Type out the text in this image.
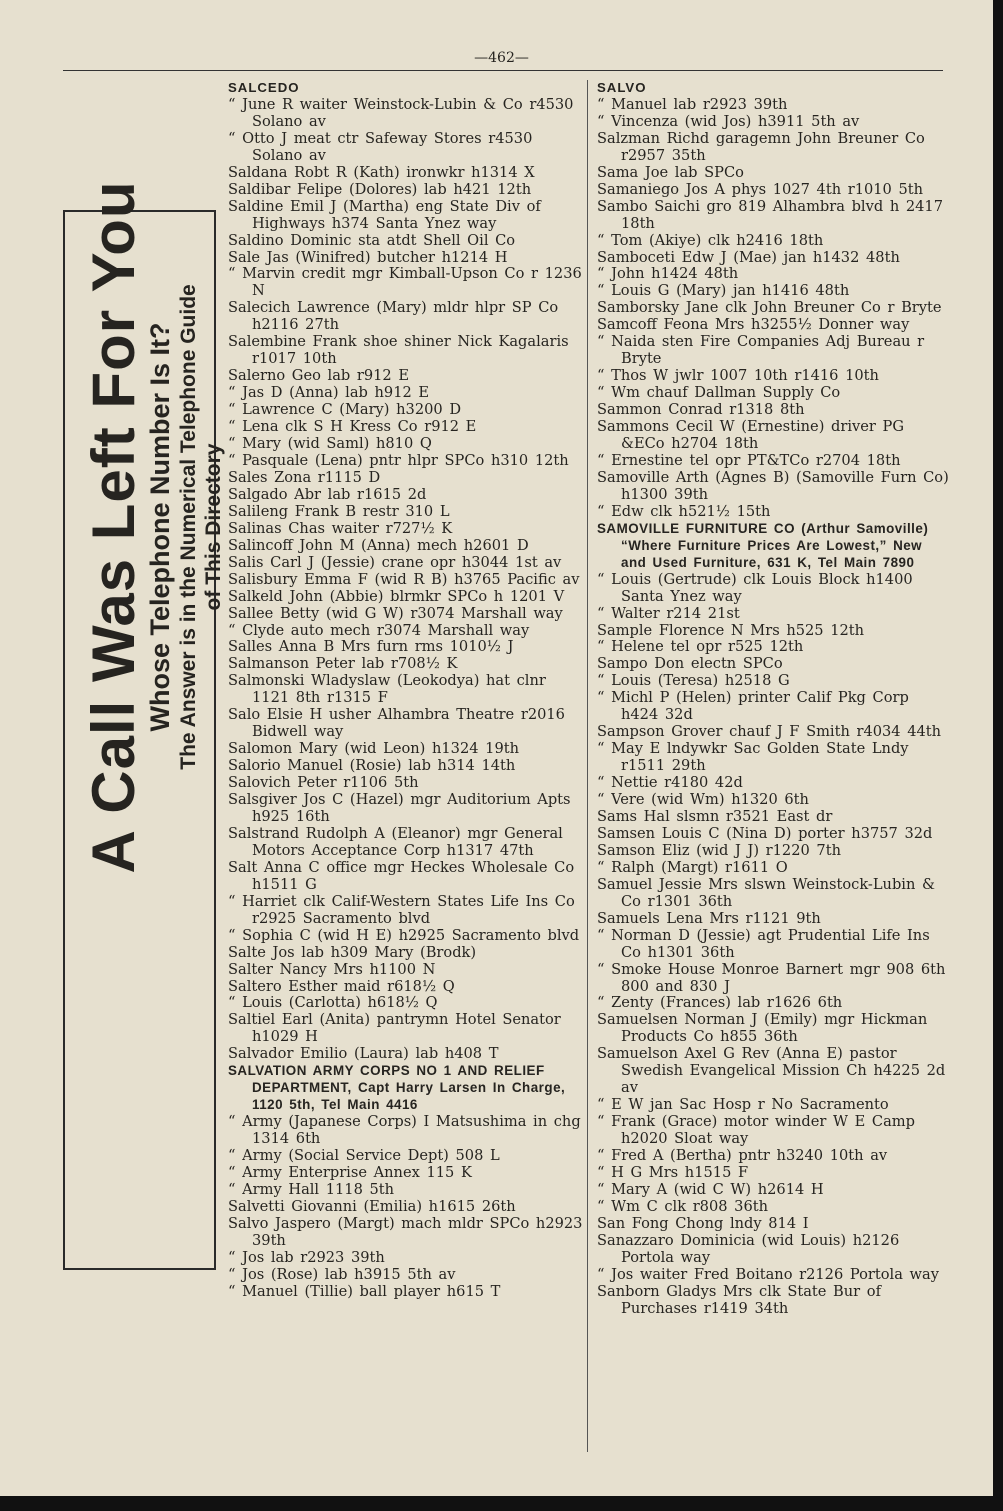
—462—
A Call Was Left For You
Whose Telephone Number Is It? The Answer is in the Numerical Telephone Guide of This Directory

SALCEDO

“ June R waiter Weinstock-Lubin & Co r4530 Solano av

“ Otto J meat ctr Safeway Stores r4530 Solano av

Saldana Robt R (Kath) ironwkr h1314 X

Saldibar Felipe (Dolores) lab h421 12th

Saldine Emil J (Martha) eng State Div of Highways h374 Santa Ynez way

Saldino Dominic sta atdt Shell Oil Co

Sale Jas (Winifred) butcher h1214 H

“ Marvin credit mgr Kimball-Upson Co r 1236 N

Salecich Lawrence (Mary) mldr hlpr SP Co h2116 27th

Salembine Frank shoe shiner Nick Kagalaris r1017 10th

Salerno Geo lab r912 E

“ Jas D (Anna) lab h912 E

“ Lawrence C (Mary) h3200 D

“ Lena clk S H Kress Co r912 E

“ Mary (wid Saml) h810 Q

“ Pasquale (Lena) pntr hlpr SPCo h310 12th

Sales Zona r1115 D

Salgado Abr lab r1615 2d

Salileng Frank B restr 310 L

Salinas Chas waiter r727½ K

Salincoff John M (Anna) mech h2601 D

Salis Carl J (Jessie) crane opr h3044 1st av

Salisbury Emma F (wid R B) h3765 Pacific av

Salkeld John (Abbie) blrmkr SPCo h 1201 V

Sallee Betty (wid G W) r3074 Marshall way

“ Clyde auto mech r3074 Marshall way

Salles Anna B Mrs furn rms 1010½ J

Salmanson Peter lab r708½ K

Salmonski Wladyslaw (Leokodya) hat clnr 1121 8th r1315 F

Salo Elsie H usher Alhambra Theatre r2016 Bidwell way

Salomon Mary (wid Leon) h1324 19th

Salorio Manuel (Rosie) lab h314 14th

Salovich Peter r1106 5th

Salsgiver Jos C (Hazel) mgr Auditorium Apts h925 16th

Salstrand Rudolph A (Eleanor) mgr General Motors Acceptance Corp h1317 47th

Salt Anna C office mgr Heckes Wholesale Co h1511 G

“ Harriet clk Calif-Western States Life Ins Co r2925 Sacramento blvd

“ Sophia C (wid H E) h2925 Sacramento blvd

Salte Jos lab h309 Mary (Brodk)

Salter Nancy Mrs h1100 N

Saltero Esther maid r618½ Q

“ Louis (Carlotta) h618½ Q

Saltiel Earl (Anita) pantrymn Hotel Senator h1029 H

Salvador Emilio (Laura) lab h408 T

SALVATION ARMY CORPS NO 1 AND RELIEF DEPARTMENT, Capt Harry Larsen In Charge, 1120 5th, Tel Main 4416

“ Army (Japanese Corps) I Matsushima in chg 1314 6th

“ Army (Social Service Dept) 508 L

“ Army Enterprise Annex 115 K

“ Army Hall 1118 5th

Salvetti Giovanni (Emilia) h1615 26th

Salvo Jaspero (Margt) mach mldr SPCo h2923 39th

“ Jos lab r2923 39th

“ Jos (Rose) lab h3915 5th av

“ Manuel (Tillie) ball player h615 T

SALVO

“ Manuel lab r2923 39th

“ Vincenza (wid Jos) h3911 5th av

Salzman Richd garagemn John Breuner Co r2957 35th

Sama Joe lab SPCo

Samaniego Jos A phys 1027 4th r1010 5th

Sambo Saichi gro 819 Alhambra blvd h 2417 18th

“ Tom (Akiye) clk h2416 18th

Samboceti Edw J (Mae) jan h1432 48th

“ John h1424 48th

“ Louis G (Mary) jan h1416 48th

Samborsky Jane clk John Breuner Co r Bryte

Samcoff Feona Mrs h3255½ Donner way

“ Naida sten Fire Companies Adj Bureau r Bryte

“ Thos W jwlr 1007 10th r1416 10th

“ Wm chauf Dallman Supply Co

Sammon Conrad r1318 8th

Sammons Cecil W (Ernestine) driver PG &ECo h2704 18th

“ Ernestine tel opr PT&TCo r2704 18th

Samoville Arth (Agnes B) (Samoville Furn Co) h1300 39th

“ Edw clk h521½ 15th

SAMOVILLE FURNITURE CO (Arthur Samoville) “Where Furniture Prices Are Lowest,” New and Used Furniture, 631 K, Tel Main 7890

“ Louis (Gertrude) clk Louis Block h1400 Santa Ynez way

“ Walter r214 21st

Sample Florence N Mrs h525 12th

“ Helene tel opr r525 12th

Sampo Don electn SPCo

“ Louis (Teresa) h2518 G

“ Michl P (Helen) printer Calif Pkg Corp h424 32d

Sampson Grover chauf J F Smith r4034 44th

“ May E lndywkr Sac Golden State Lndy r1511 29th

“ Nettie r4180 42d

“ Vere (wid Wm) h1320 6th

Sams Hal slsmn r3521 East dr

Samsen Louis C (Nina D) porter h3757 32d

Samson Eliz (wid J J) r1220 7th

“ Ralph (Margt) r1611 O

Samuel Jessie Mrs slswn Weinstock-Lubin & Co r1301 36th

Samuels Lena Mrs r1121 9th

“ Norman D (Jessie) agt Prudential Life Ins Co h1301 36th

“ Smoke House Monroe Barnert mgr 908 6th 800 and 830 J

“ Zenty (Frances) lab r1626 6th

Samuelsen Norman J (Emily) mgr Hickman Products Co h855 36th

Samuelson Axel G Rev (Anna E) pastor Swedish Evangelical Mission Ch h4225 2d av

“ E W jan Sac Hosp r No Sacramento

“ Frank (Grace) motor winder W E Camp h2020 Sloat way

“ Fred A (Bertha) pntr h3240 10th av

“ H G Mrs h1515 F

“ Mary A (wid C W) h2614 H

“ Wm C clk r808 36th

San Fong Chong lndy 814 I

Sanazzaro Dominicia (wid Louis) h2126 Portola way

“ Jos waiter Fred Boitano r2126 Portola way

Sanborn Gladys Mrs clk State Bur of Purchases r1419 34th
